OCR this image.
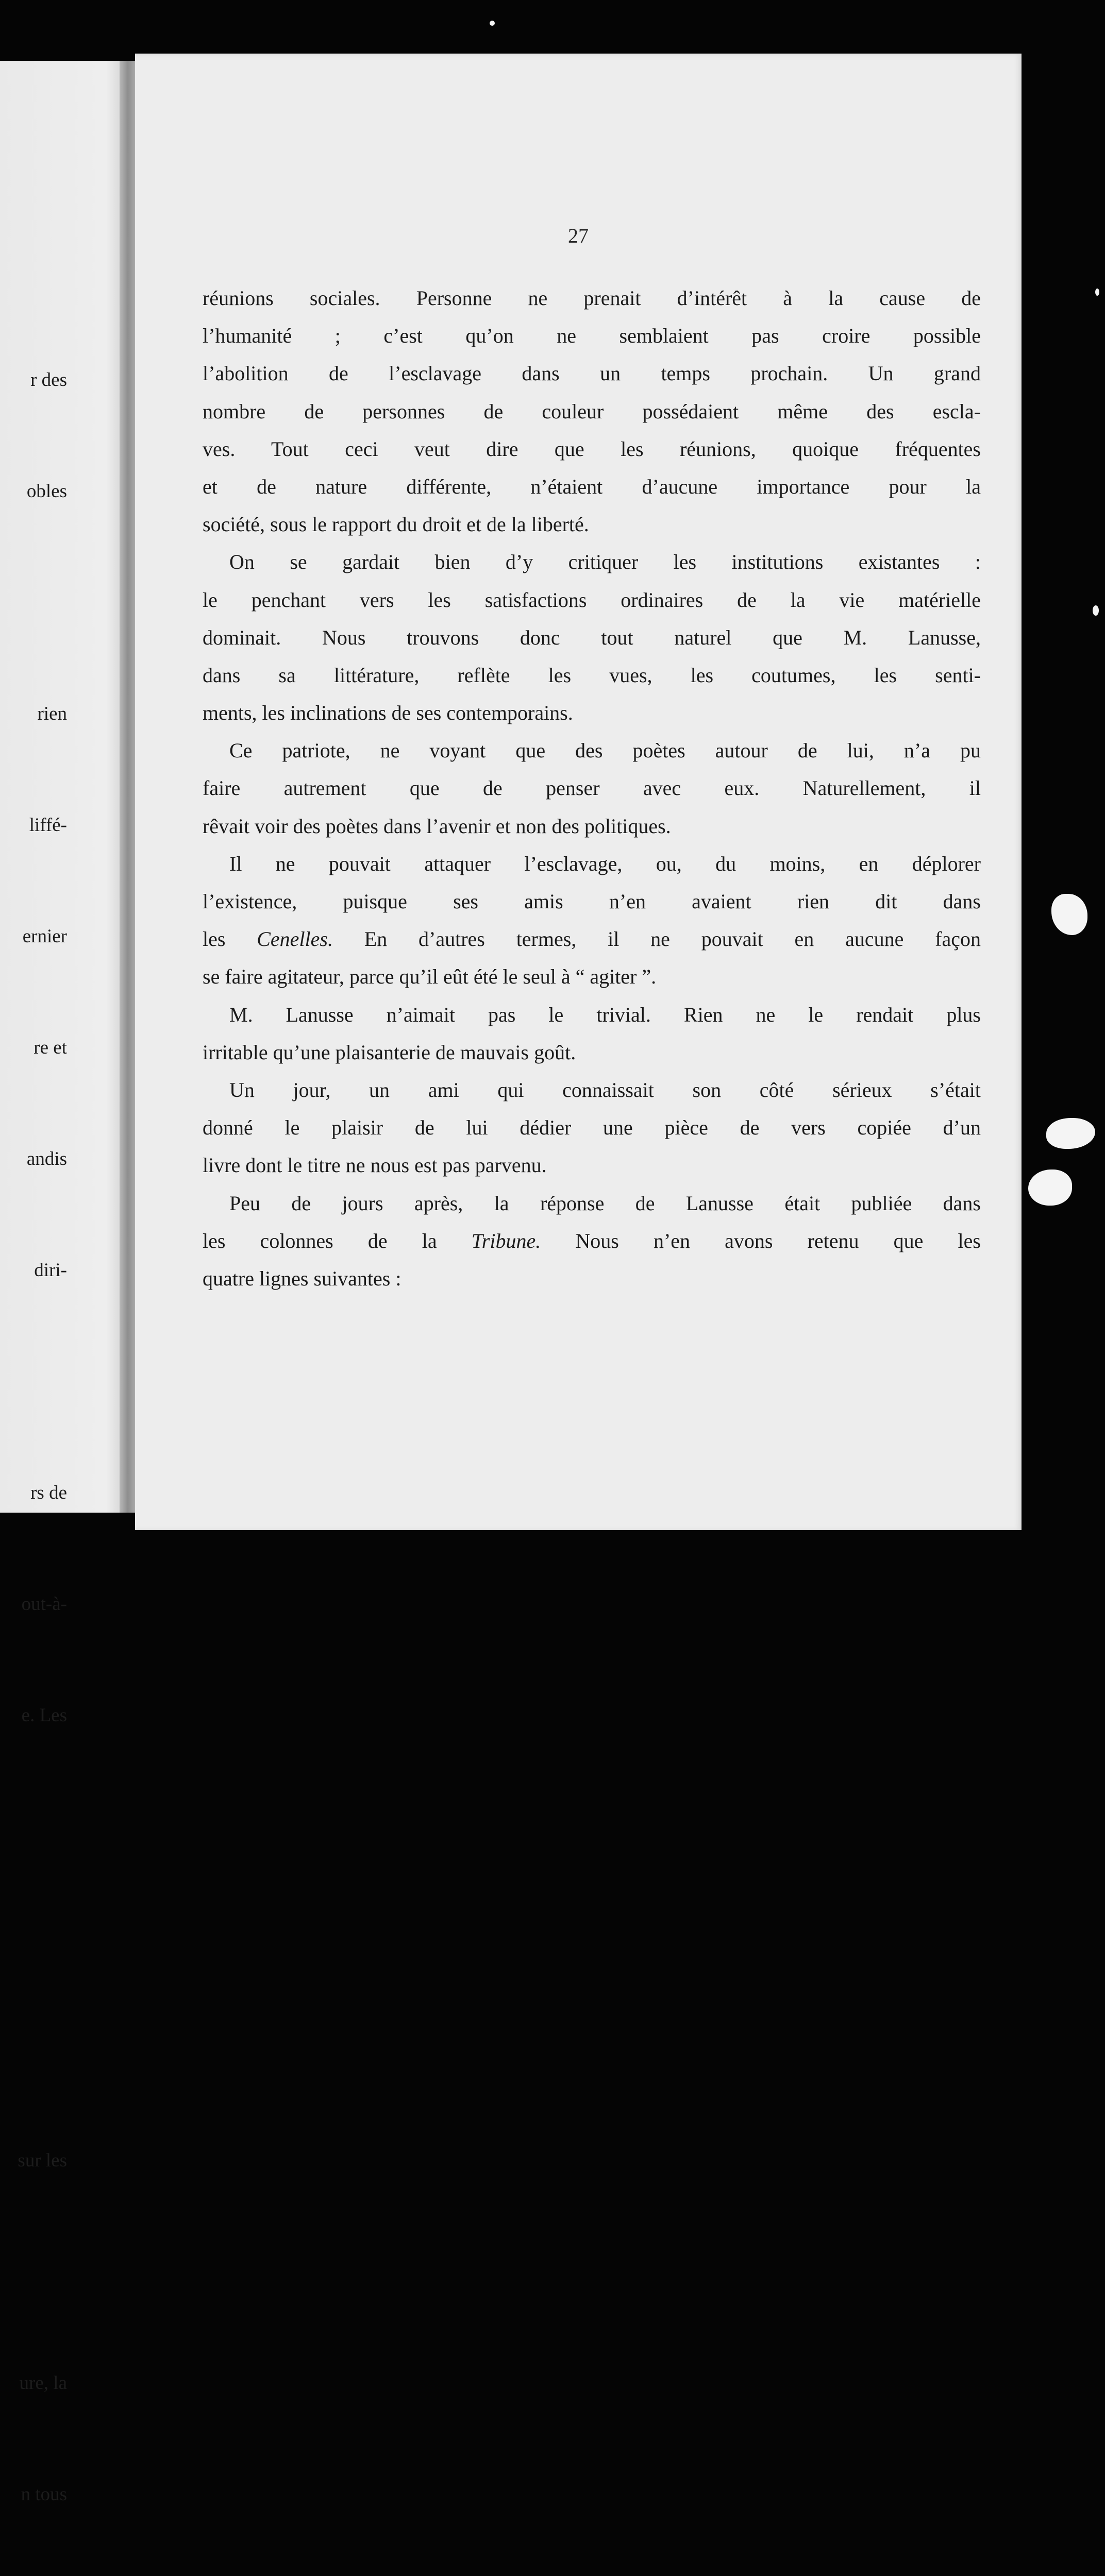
r des

obles

rien

liffé-

ernier

re et

andis

diri-

rs de

out-à-

e. Les

sur les

ure, la

n tous

27

réunions sociales. Personne ne prenait d’intérêt à la cause de
l’humanité ; c’est qu’on ne semblaient pas croire possible
l’abolition de l’esclavage dans un temps prochain. Un grand
nombre de personnes de couleur possédaient même des escla-
ves. Tout ceci veut dire que les réunions, quoique fréquentes
et de nature différente, n’étaient d’aucune importance pour la
société, sous le rapport du droit et de la liberté.

On se gardait bien d’y critiquer les institutions existantes :
le penchant vers les satisfactions ordinaires de la vie matérielle
dominait. Nous trouvons donc tout naturel que M. Lanusse,
dans sa littérature, reflète les vues, les coutumes, les senti-
ments, les inclinations de ses contemporains.

Ce patriote, ne voyant que des poètes autour de lui, n’a pu
faire autrement que de penser avec eux. Naturellement, il
rêvait voir des poètes dans l’avenir et non des politiques.

Il ne pouvait attaquer l’esclavage, ou, du moins, en déplorer
l’existence, puisque ses amis n’en avaient rien dit dans
les Cenelles. En d’autres termes, il ne pouvait en aucune façon
se faire agitateur, parce qu’il eût été le seul à “ agiter ”.

M. Lanusse n’aimait pas le trivial. Rien ne le rendait plus
irritable qu’une plaisanterie de mauvais goût.

Un jour, un ami qui connaissait son côté sérieux s’était
donné le plaisir de lui dédier une pièce de vers copiée d’un
livre dont le titre ne nous est pas parvenu.

Peu de jours après, la réponse de Lanusse était publiée dans
les colonnes de la Tribune. Nous n’en avons retenu que les
quatre lignes suivantes :
